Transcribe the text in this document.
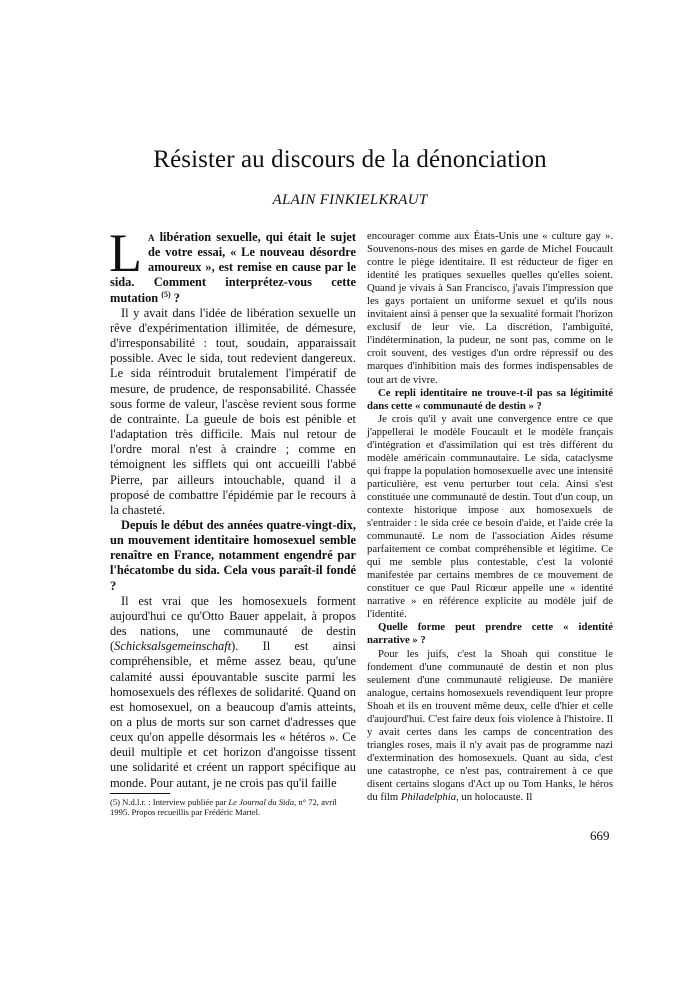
Résister au discours de la dénonciation
ALAIN FINKIELKRAUT

La libération sexuelle, qui était le sujet de votre essai, « Le nouveau désordre amoureux », est remise en cause par le sida. Comment interprétez-vous cette mutation $^{(5)}$ ?

Il y avait dans l'idée de libération sexuelle un rêve d'expérimentation illimitée, de démesure, d'irresponsabilité : tout, soudain, apparaissait possible. Avec le sida, tout redevient dangereux. Le sida réintroduit brutalement l'impératif de mesure, de prudence, de responsabilité. Chassée sous forme de valeur, l'ascèse revient sous forme de contrainte. La gueule de bois est pénible et l'adaptation très difficile. Mais nul retour de l'ordre moral n'est à craindre ; comme en témoignent les sifflets qui ont accueilli l'abbé Pierre, par ailleurs intouchable, quand il a proposé de combattre l'épidémie par le recours à la chasteté.

Depuis le début des années quatre-vingt-dix, un mouvement identitaire homosexuel semble renaître en France, notamment engendré par l'hécatombe du sida. Cela vous paraît-il fondé ?

Il est vrai que les homosexuels forment aujourd'hui ce qu'Otto Bauer appelait, à propos des nations, une communauté de destin (Schicksalsgemeinschaft). Il est ainsi compréhensible, et même assez beau, qu'une calamité aussi épouvantable suscite parmi les homosexuels des réflexes de solidarité. Quand on est homosexuel, on a beaucoup d'amis atteints, on a plus de morts sur son carnet d'adresses que ceux qu'on appelle désormais les « hétéros ». Ce deuil multiple et cet horizon d'angoisse tissent une solidarité et créent un rapport spécifique au monde. Pour autant, je ne crois pas qu'il faille

encourager comme aux États-Unis une « culture gay ». Souvenons-nous des mises en garde de Michel Foucault contre le piège identitaire. Il est réducteur de figer en identité les pratiques sexuelles quelles qu'elles soient. Quand je vivais à San Francisco, j'avais l'impression que les gays portaient un uniforme sexuel et qu'ils nous invitaient ainsi à penser que la sexualité formait l'horizon exclusif de leur vie. La discrétion, l'ambiguïté, l'indétermination, la pudeur, ne sont pas, comme on le croit souvent, des vestiges d'un ordre répressif ou des marques d'inhibition mais des formes indispensables de tout art de vivre.

Ce repli identitaire ne trouve-t-il pas sa légitimité dans cette « communauté de destin » ?

Je crois qu'il y avait une convergence entre ce que j'appellerai le modèle Foucault et le modèle français d'intégration et d'assimilation qui est très différent du modèle américain communautaire. Le sida, cataclysme qui frappe la population homosexuelle avec une intensité particulière, est venu perturber tout cela. Ainsi s'est constituée une communauté de destin. Tout d'un coup, un contexte historique impose aux homosexuels de s'entraider : le sida crée ce besoin d'aide, et l'aide crée la communauté. Le nom de l'association Aides résume parfaitement ce combat compréhensible et légitime. Ce qui me semble plus contestable, c'est la volonté manifestée par certains membres de ce mouvement de constituer ce que Paul Ricœur appelle une « identité narrative » en référence explicite au modèle juif de l'identité.

Quelle forme peut prendre cette « identité narrative » ?

Pour les juifs, c'est la Shoah qui constitue le fondement d'une communauté de destin et non plus seulement d'une communauté religieuse. De manière analogue, certains homosexuels revendiquent leur propre Shoah et ils en trouvent même deux, celle d'hier et celle d'aujourd'hui. C'est faire deux fois violence à l'histoire. Il y avait certes dans les camps de concentration des triangles roses, mais il n'y avait pas de programme nazi d'extermination des homosexuels. Quant au sida, c'est une catastrophe, ce n'est pas, contrairement à ce que disent certains slogans d'Act up ou Tom Hanks, le héros du film Philadelphia, un holocauste. Il

(5) N.d.l.r. : Interview publiée par Le Journal du Sida, n° 72, avril 1995. Propos recueillis par Frédéric Martel.
669
